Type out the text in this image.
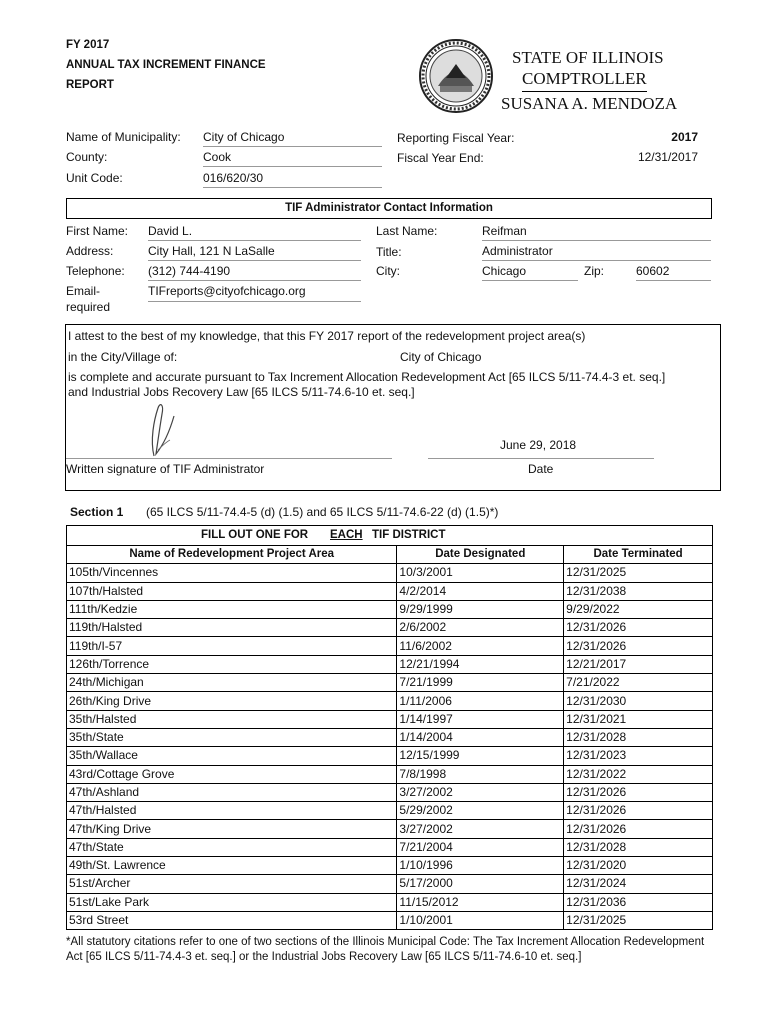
FY 2017
ANNUAL TAX INCREMENT FINANCE
REPORT
STATE OF ILLINOIS
COMPTROLLER
SUSANA A. MENDOZA
Name of Municipality: City of Chicago
County:	Cook
Unit Code:	016/620/30
Reporting Fiscal Year:	2017
Fiscal Year End:	12/31/2017
TIF Administrator Contact Information
First Name: David L.	Last Name:	Reifman
Address:	City Hall, 121 N LaSalle	Title:	Administrator
Telephone: (312) 744-4190	City:	Chicago	Zip:	60602
Email-
required
TIFreports@cityofchicago.org
I attest to the best of my knowledge, that this FY 2017 report of the redevelopment project area(s)
in the City/Village of:	City of Chicago
is complete and accurate pursuant to Tax Increment Allocation Redevelopment Act [65 ILCS 5/11-74.4-3 et. seq.]
and Industrial Jobs Recovery Law [65 ILCS 5/11-74.6-10 et. seq.]
June 29, 2018
Written signature of TIF Administrator	Date
Section 1 (65 ILCS 5/11-74.4-5 (d) (1.5) and 65 ILCS 5/11-74.6-22 (d) (1.5)*)
FILL OUT ONE FOR EACH TIF DISTRICT
Name of Redevelopment Project Area	Date Designated	Date Terminated
105th/Vincennes	10/3/2001	12/31/2025
107th/Halsted	4/2/2014	12/31/2038
111th/Kedzie	9/29/1999	9/29/2022
119th/Halsted	2/6/2002	12/31/2026
119th/I-57	11/6/2002	12/31/2026
126th/Torrence	12/21/1994	12/21/2017
24th/Michigan	7/21/1999	7/21/2022
26th/King Drive	1/11/2006	12/31/2030
35th/Halsted	1/14/1997	12/31/2021
35th/State	1/14/2004	12/31/2028
35th/Wallace	12/15/1999	12/31/2023
43rd/Cottage Grove	7/8/1998	12/31/2022
47th/Ashland	3/27/2002	12/31/2026
47th/Halsted	5/29/2002	12/31/2026
47th/King Drive	3/27/2002	12/31/2026
47th/State	7/21/2004	12/31/2028
49th/St. Lawrence	1/10/1996	12/31/2020
51st/Archer	5/17/2000	12/31/2024
51st/Lake Park	11/15/2012	12/31/2036
53rd Street	1/10/2001	12/31/2025
*All statutory citations refer to one of two sections of the Illinois Municipal Code: The Tax Increment Allocation Redevelopment Act [65 ILCS 5/11-74.4-3 et. seq.] or the Industrial Jobs Recovery Law [65 ILCS 5/11-74.6-10 et. seq.]
